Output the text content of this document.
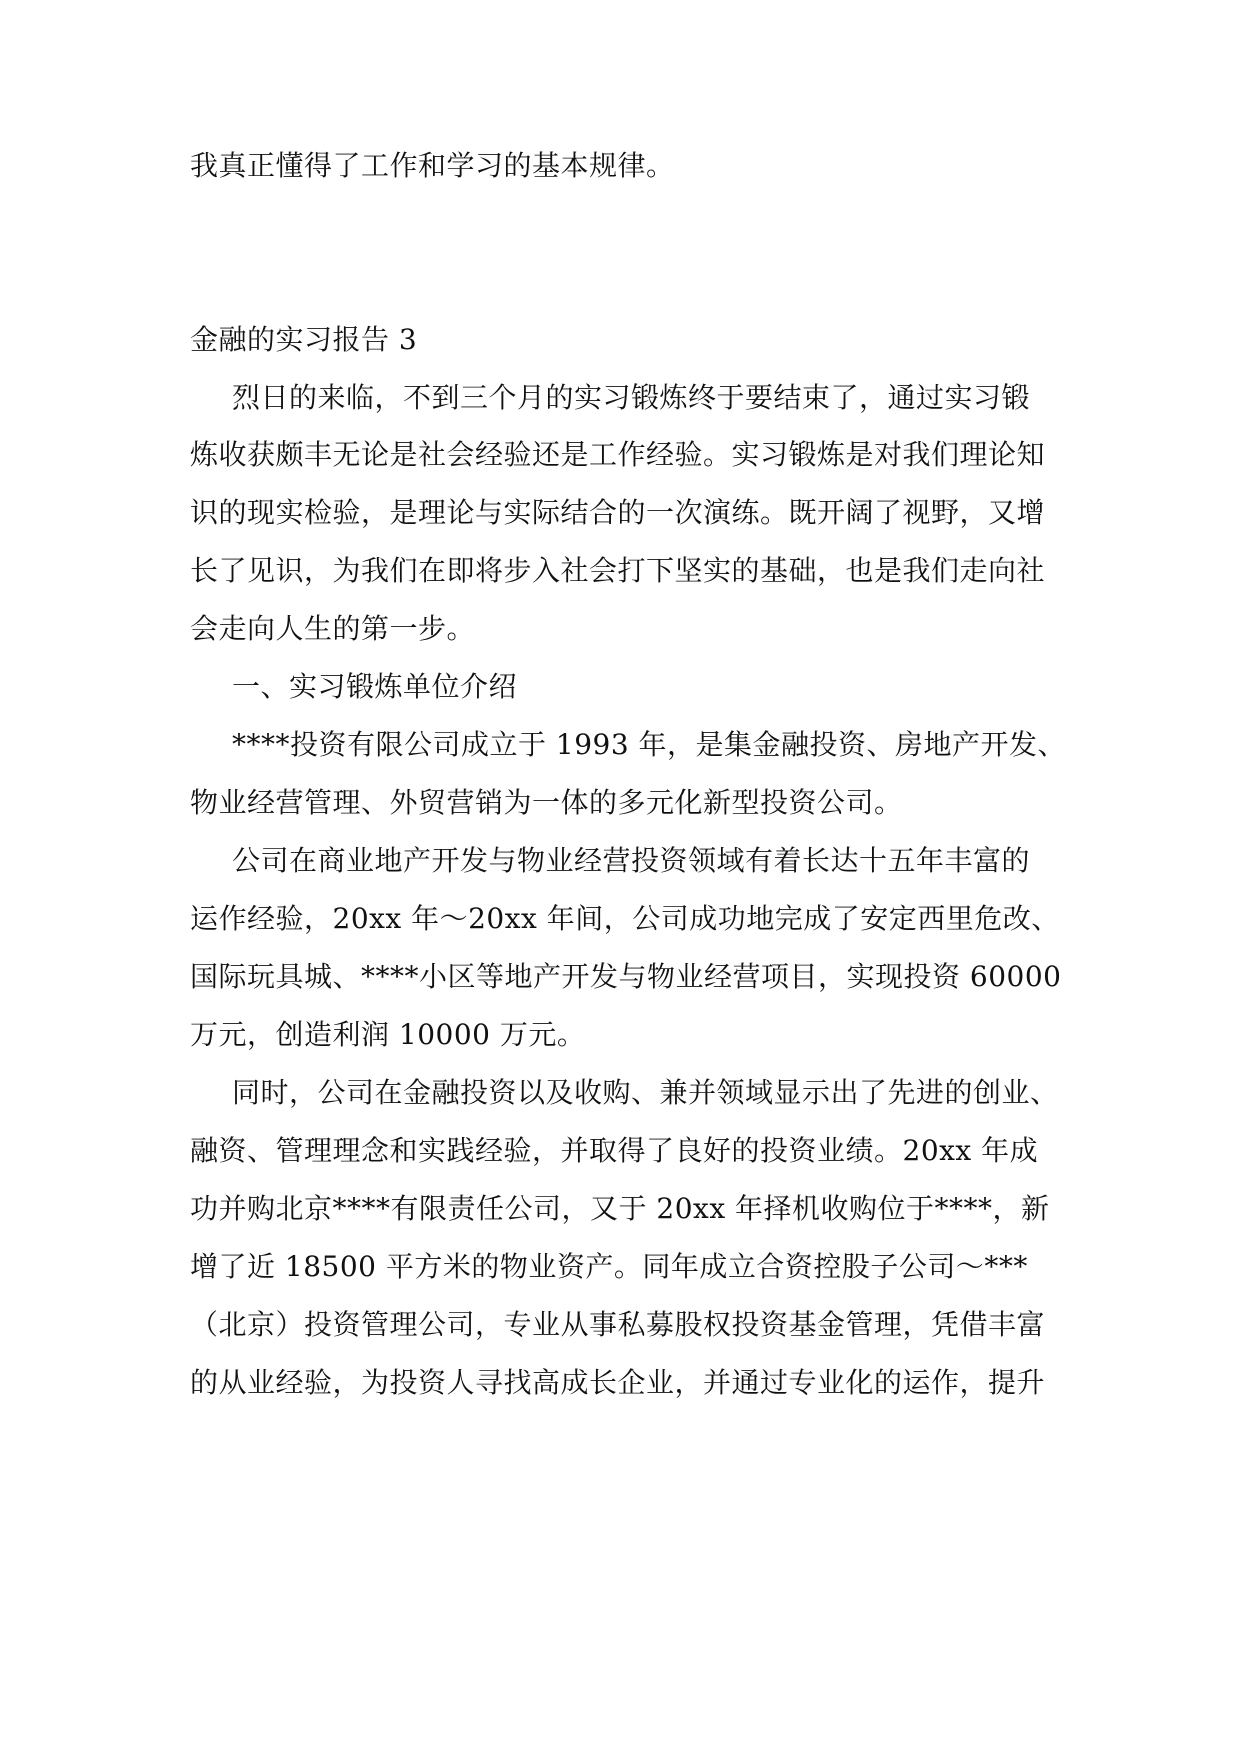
我真正懂得了工作和学习的基本规律。

金融的实习报告 3

烈日的来临，不到三个月的实习锻炼终于要结束了，通过实习锻

炼收获颇丰无论是社会经验还是工作经验。实习锻炼是对我们理论知

识的现实检验，是理论与实际结合的一次演练。既开阔了视野，又增

长了见识，为我们在即将步入社会打下坚实的基础，也是我们走向社

会走向人生的第一步。

一、实习锻炼单位介绍

****投资有限公司成立于 1993 年，是集金融投资、房地产开发、

物业经营管理、外贸营销为一体的多元化新型投资公司。

公司在商业地产开发与物业经营投资领域有着长达十五年丰富的

运作经验，20xx 年～20xx 年间，公司成功地完成了安定西里危改、

国际玩具城、****小区等地产开发与物业经营项目，实现投资 60000

万元，创造利润 10000 万元。

同时，公司在金融投资以及收购、兼并领域显示出了先进的创业、

融资、管理理念和实践经验，并取得了良好的投资业绩。20xx 年成

功并购北京****有限责任公司，又于 20xx 年择机收购位于****，新

增了近 18500 平方米的物业资产。同年成立合资控股子公司～***

（北京）投资管理公司，专业从事私募股权投资基金管理，凭借丰富

的从业经验，为投资人寻找高成长企业，并通过专业化的运作，提升
